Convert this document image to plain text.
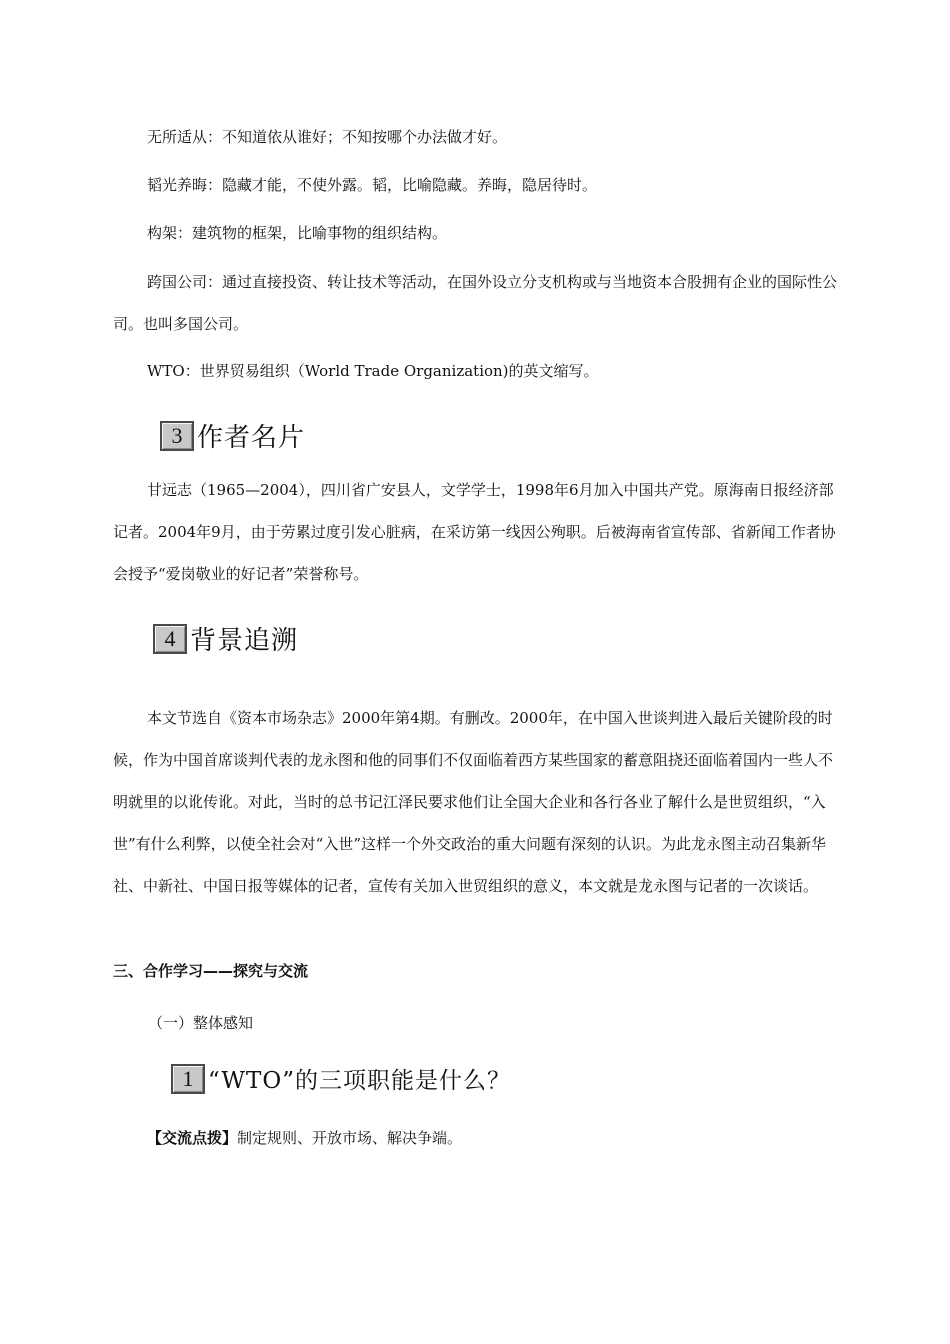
无所适从：不知道依从谁好；不知按哪个办法做才好。

韬光养晦：隐藏才能，不使外露。韬，比喻隐藏。养晦，隐居待时。

构架：建筑物的框架，比喻事物的组织结构。

跨国公司：通过直接投资、转让技术等活动，在国外设立分支机构或与当地资本合股拥有企业的国际性公司。也叫多国公司。

WTO：世界贸易组织（World Trade Organization)的英文缩写。

3 作者名片

甘远志（1965—2004），四川省广安县人，文学学士，1998年6月加入中国共产党。原海南日报经济部记者。2004年9月，由于劳累过度引发心脏病，在采访第一线因公殉职。后被海南省宣传部、省新闻工作者协会授予“爱岗敬业的好记者”荣誉称号。

4 背景追溯

本文节选自《资本市场杂志》2000年第4期。有删改。2000年，在中国入世谈判进入最后关键阶段的时候，作为中国首席谈判代表的龙永图和他的同事们不仅面临着西方某些国家的蓄意阻挠还面临着国内一些人不明就里的以讹传讹。对此，当时的总书记江泽民要求他们让全国大企业和各行各业了解什么是世贸组织，“入世”有什么利弊，以使全社会对“入世”这样一个外交政治的重大问题有深刻的认识。为此龙永图主动召集新华社、中新社、中国日报等媒体的记者，宣传有关加入世贸组织的意义，本文就是龙永图与记者的一次谈话。

三、合作学习——探究与交流
（一）整体感知
1 “WTO”的三项职能是什么？

【交流点拨】制定规则、开放市场、解决争端。
